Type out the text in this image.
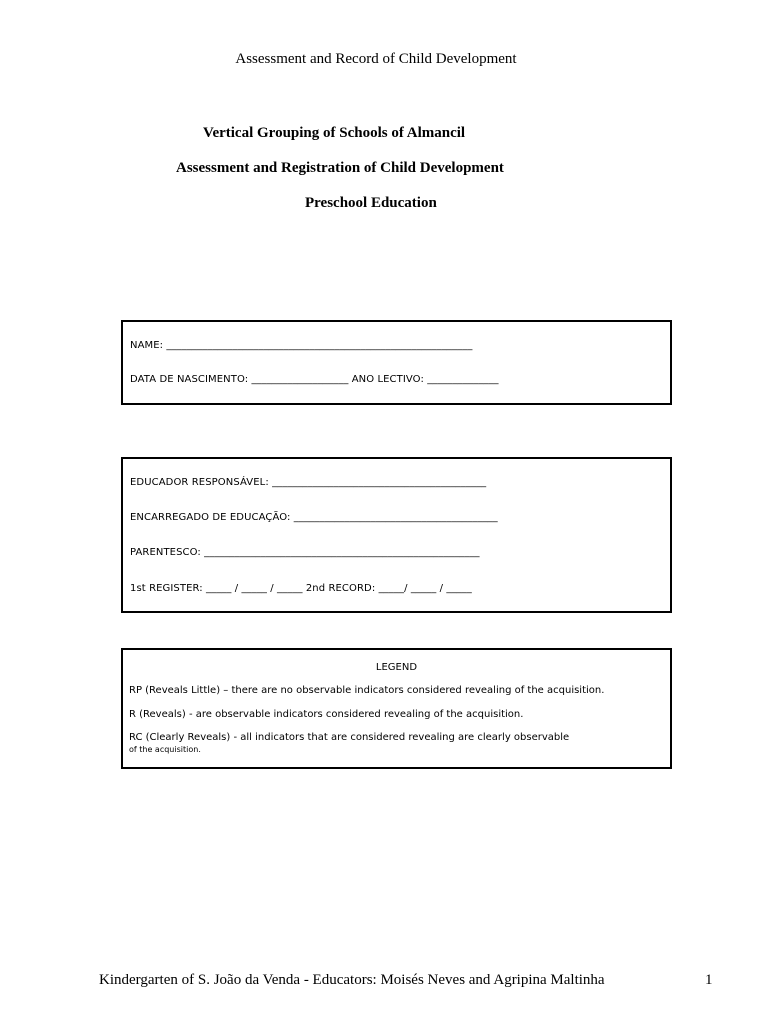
Assessment and Record of Child Development
Vertical Grouping of Schools of Almancil
Assessment and Registration of Child Development
Preschool Education
NAME: ____________________________________________________________
DATA DE NASCIMENTO: ___________________ ANO LECTIVO: ______________
EDUCADOR RESPONSÁVEL: __________________________________________
ENCARREGADO DE EDUCAÇÃO: ________________________________________
PARENTESCO: ______________________________________________________
1st REGISTER: _____ / _____ / _____ 2nd RECORD: _____/ _____ / _____
LEGEND
RP (Reveals Little) – there are no observable indicators considered revealing of the acquisition.
R (Reveals) - are observable indicators considered revealing of the acquisition.
RC (Clearly Reveals) - all indicators that are considered revealing are clearly observable
of the acquisition.
Kindergarten of S. João da Venda - Educators: Moisés Neves and Agripina Maltinha	1
